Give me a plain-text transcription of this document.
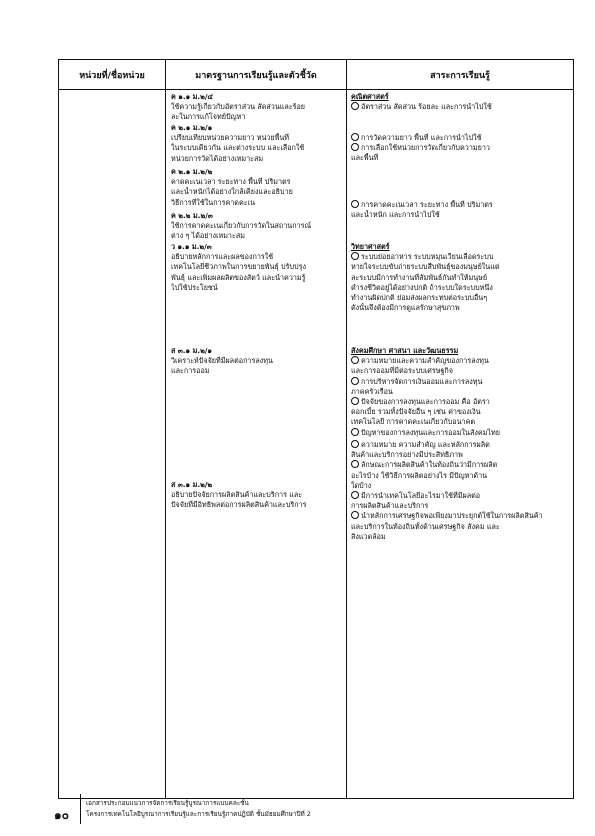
หน่วยที่/ชื่อหน่วย	มาตรฐานการเรียนรู้และตัวชี้วัด	สาระการเรียนรู้
ค ๑.๑ ม.๒/๔
ใช้ความรู้เกี่ยวกับอัตราส่วน สัดส่วนและร้อย
ละในการแก้โจทย์ปัญหา
ค ๒.๑ ม.๒/๑
เปรียบเทียบหน่วยความยาว หน่วยพื้นที่
ในระบบเดียวกัน และต่างระบบ และเลือกใช้
หน่วยการวัดได้อย่างเหมาะสม
ค ๒.๑ ม.๒/๒
คาดคะเนเวลา ระยะทาง พื้นที่ ปริมาตร
และน้ำหนักได้อย่างใกล้เคียงและอธิบาย
วิธีการที่ใช้ในการคาดคะเน
ค ๒.๒ ม.๒/๓
ใช้การคาดคะเนเกี่ยวกับการวัดในสถานการณ์
ต่าง ๆ ได้อย่างเหมาะสม
ว ๑.๑ ม.๒/๓
อธิบายหลักการและผลของการใช้
เทคโนโลยีชีวภาพในการขยายพันธุ์ ปรับปรุง
พันธุ์ และเพิ่มผลผลิตของสัตว์ และนำความรู้
ไปใช้ประโยชน์
ส ๓.๑ ม.๒/๑
วิเคราะห์ปัจจัยที่มีผลต่อการลงทุน
และการออม
ส ๓.๑ ม.๒/๒
อธิบายปัจจัยการผลิตสินค้าและบริการ และ
ปัจจัยที่มีอิทธิพลต่อการผลิตสินค้าและบริการ
คณิตศาสตร์
อัตราส่วน สัดส่วน ร้อยละ และการนำไปใช้
การวัดความยาว พื้นที่ และการนำไปใช้
การเลือกใช้หน่วยการวัดเกี่ยวกับความยาว
และพื้นที่
การคาดคะเนเวลา ระยะทาง พื้นที่ ปริมาตร
และน้ำหนัก และการนำไปใช้
วิทยาศาสตร์
ระบบย่อยอาหาร ระบบหมุนเวียนเลือดระบบ
หายใจระบบขับถ่ายระบบสืบพันธุ์ของมนุษย์ในแต่
ละระบบมีการทำงานที่สัมพันธ์กันทำให้มนุษย์
ดำรงชีวิตอยู่ได้อย่างปกติ ถ้าระบบใดระบบหนึ่ง
ทำงานผิดปกติ ย่อมส่งผลกระทบต่อระบบอื่นๆ
ดังนั้นจึงต้องมีการดูแลรักษาสุขภาพ
สังคมศึกษา ศาสนา และวัฒนธรรม
ความหมายและความสำคัญของการลงทุน
และการออมที่มีต่อระบบเศรษฐกิจ
การบริหารจัดการเงินออมและการลงทุน
ภาคครัวเรือน
ปัจจัยของการลงทุนและการออม คือ อัตรา
ดอกเบี้ย รวมทั้งปัจจัยอื่น ๆ เช่น ค่าของเงิน
เทคโนโลยี การคาดคะเนเกี่ยวกับอนาคต
ปัญหาของการลงทุนและการออมในสังคมไทย
ความหมาย ความสำคัญ และหลักการผลิต
สินค้าและบริการอย่างมีประสิทธิภาพ
ลักษณะการผลิตสินค้าในท้องถิ่นว่ามีการผลิต
อะไรบ้าง ใช้วิธีการผลิตอย่างไร มีปัญหาด้าน
ใดบ้าง
มีการนำเทคโนโลยีอะไรมาใช้ที่มีผลต่อ
การผลิตสินค้าและบริการ
นำหลักการเศรษฐกิจพอเพียงมาประยุกต์ใช้ในการผลิตสินค้า
และบริการในท้องถิ่นทั้งด้านเศรษฐกิจ สังคม และ
สิ่งแวดล้อม
๑๐
เอกสารประกอบแนวการจัดการเรียนรู้บูรณาการแบบคละชั้น
โครงการเทคโนโลยีบูรณาการเรียนรู้และการเรียนรู้ภาคปฏิบัติ ชั้นมัธยมศึกษาปีที่ 2
